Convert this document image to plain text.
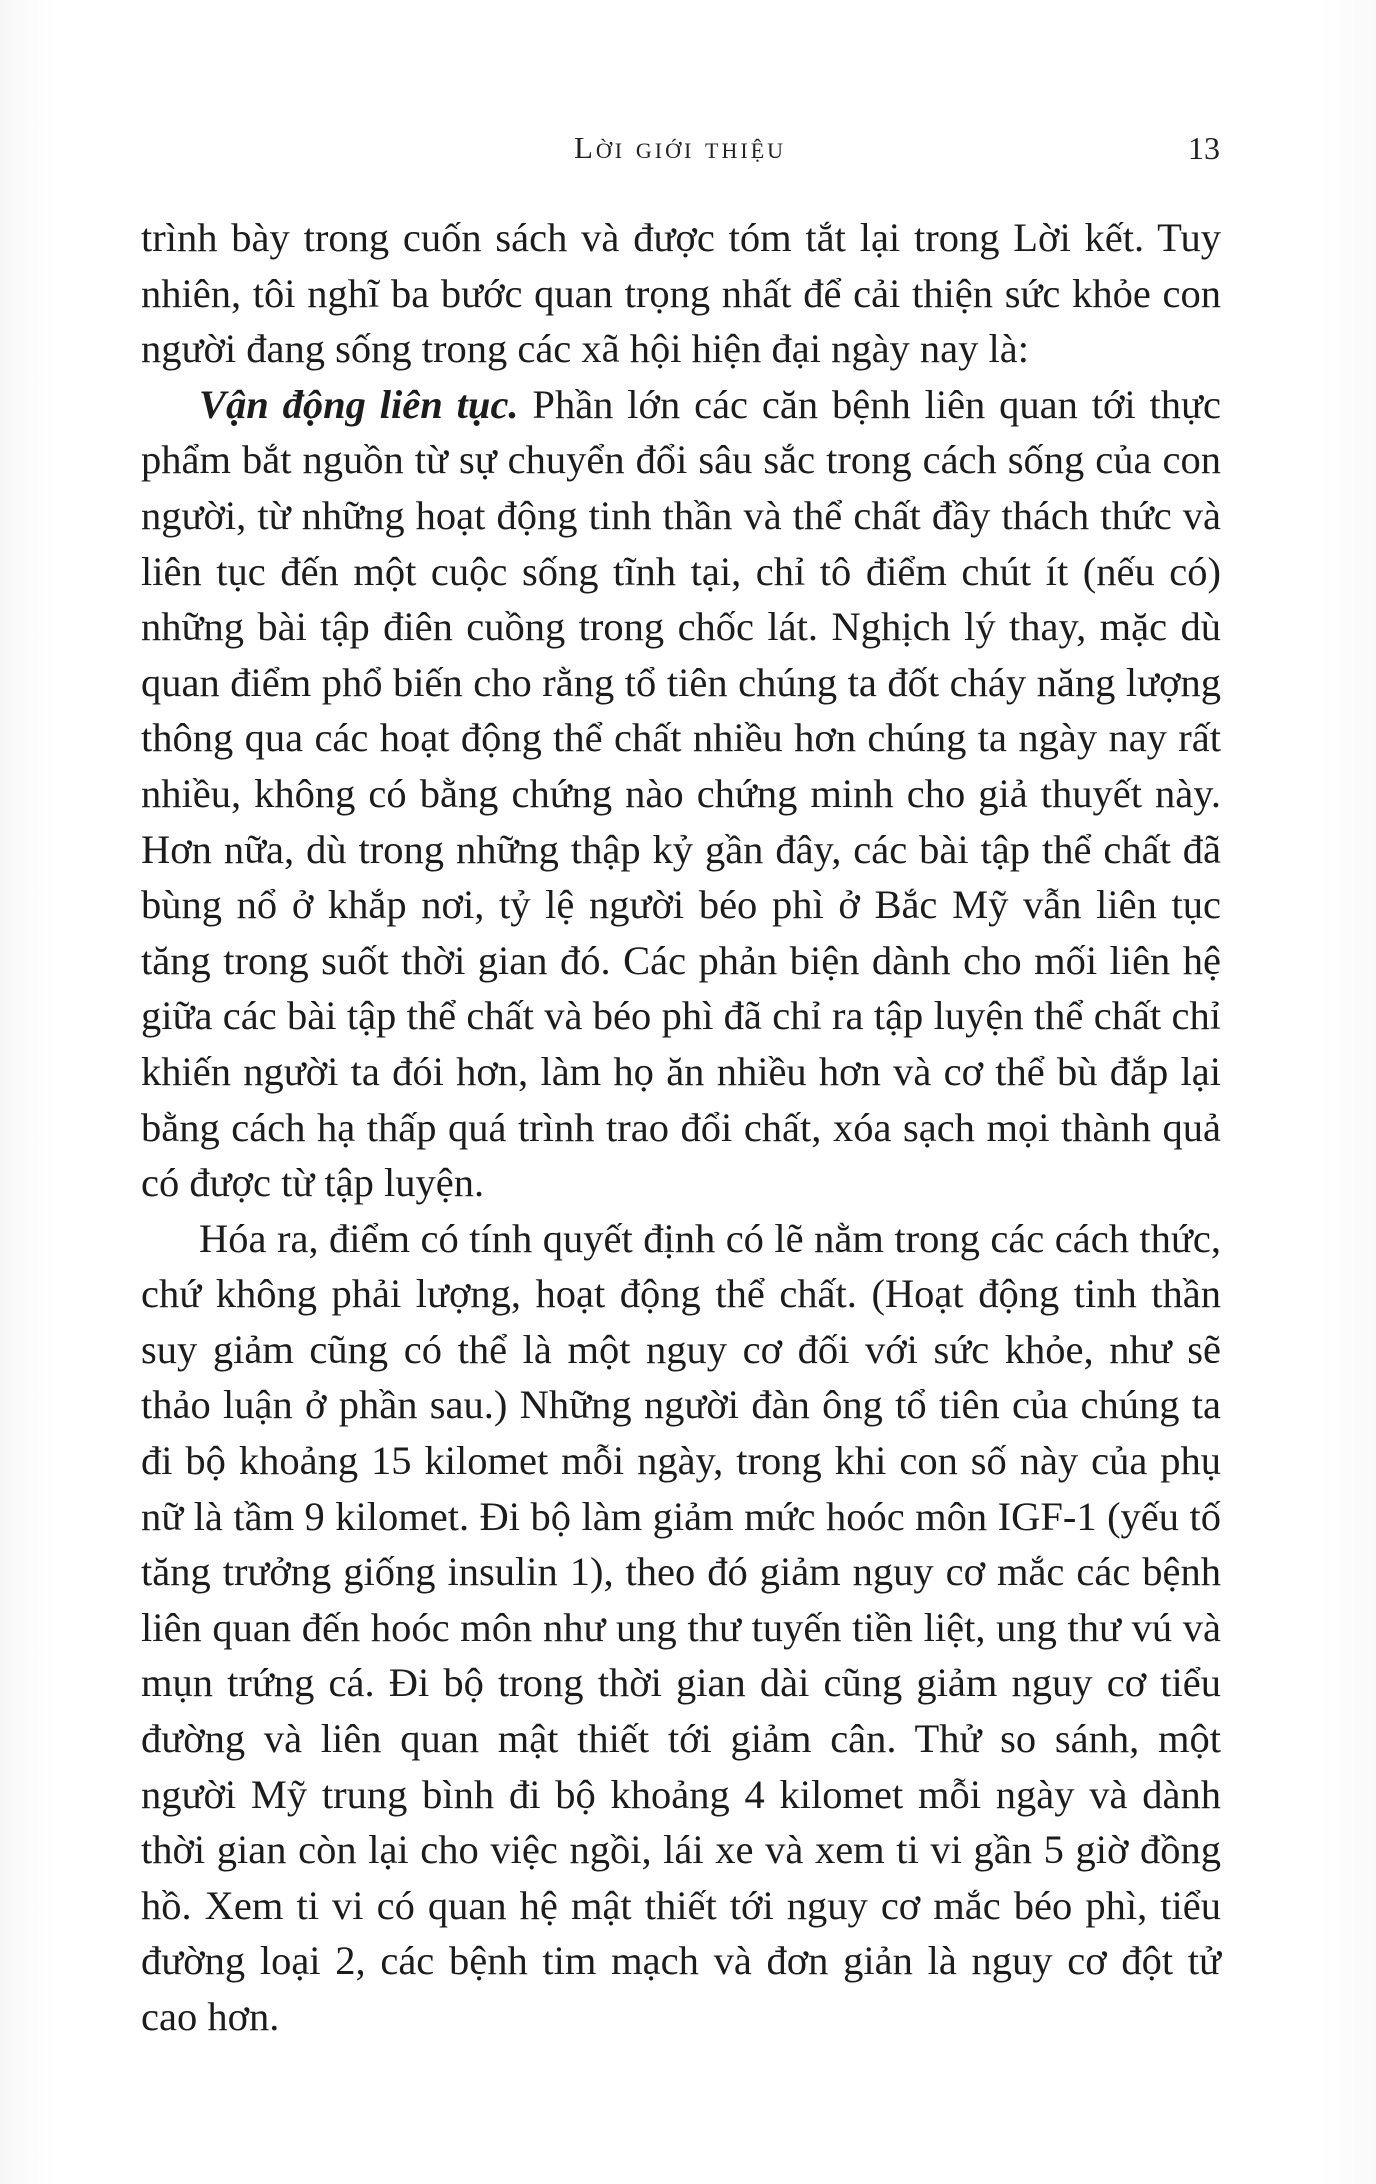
Lời giới thiệu	13

trình bày trong cuốn sách và được tóm tắt lại trong Lời kết. Tuy nhiên, tôi nghĩ ba bước quan trọng nhất để cải thiện sức khỏe con người đang sống trong các xã hội hiện đại ngày nay là:

Vận động liên tục. Phần lớn các căn bệnh liên quan tới thực phẩm bắt nguồn từ sự chuyển đổi sâu sắc trong cách sống của con người, từ những hoạt động tinh thần và thể chất đầy thách thức và liên tục đến một cuộc sống tĩnh tại, chỉ tô điểm chút ít (nếu có) những bài tập điên cuồng trong chốc lát. Nghịch lý thay, mặc dù quan điểm phổ biến cho rằng tổ tiên chúng ta đốt cháy năng lượng thông qua các hoạt động thể chất nhiều hơn chúng ta ngày nay rất nhiều, không có bằng chứng nào chứng minh cho giả thuyết này. Hơn nữa, dù trong những thập kỷ gần đây, các bài tập thể chất đã bùng nổ ở khắp nơi, tỷ lệ người béo phì ở Bắc Mỹ vẫn liên tục tăng trong suốt thời gian đó. Các phản biện dành cho mối liên hệ giữa các bài tập thể chất và béo phì đã chỉ ra tập luyện thể chất chỉ khiến người ta đói hơn, làm họ ăn nhiều hơn và cơ thể bù đắp lại bằng cách hạ thấp quá trình trao đổi chất, xóa sạch mọi thành quả có được từ tập luyện.

Hóa ra, điểm có tính quyết định có lẽ nằm trong các cách thức, chứ không phải lượng, hoạt động thể chất. (Hoạt động tinh thần suy giảm cũng có thể là một nguy cơ đối với sức khỏe, như sẽ thảo luận ở phần sau.) Những người đàn ông tổ tiên của chúng ta đi bộ khoảng 15 kilomet mỗi ngày, trong khi con số này của phụ nữ là tầm 9 kilomet. Đi bộ làm giảm mức hoóc môn IGF-1 (yếu tố tăng trưởng giống insulin 1), theo đó giảm nguy cơ mắc các bệnh liên quan đến hoóc môn như ung thư tuyến tiền liệt, ung thư vú và mụn trứng cá. Đi bộ trong thời gian dài cũng giảm nguy cơ tiểu đường và liên quan mật thiết tới giảm cân. Thử so sánh, một người Mỹ trung bình đi bộ khoảng 4 kilomet mỗi ngày và dành thời gian còn lại cho việc ngồi, lái xe và xem ti vi gần 5 giờ đồng hồ. Xem ti vi có quan hệ mật thiết tới nguy cơ mắc béo phì, tiểu đường loại 2, các bệnh tim mạch và đơn giản là nguy cơ đột tử cao hơn.
